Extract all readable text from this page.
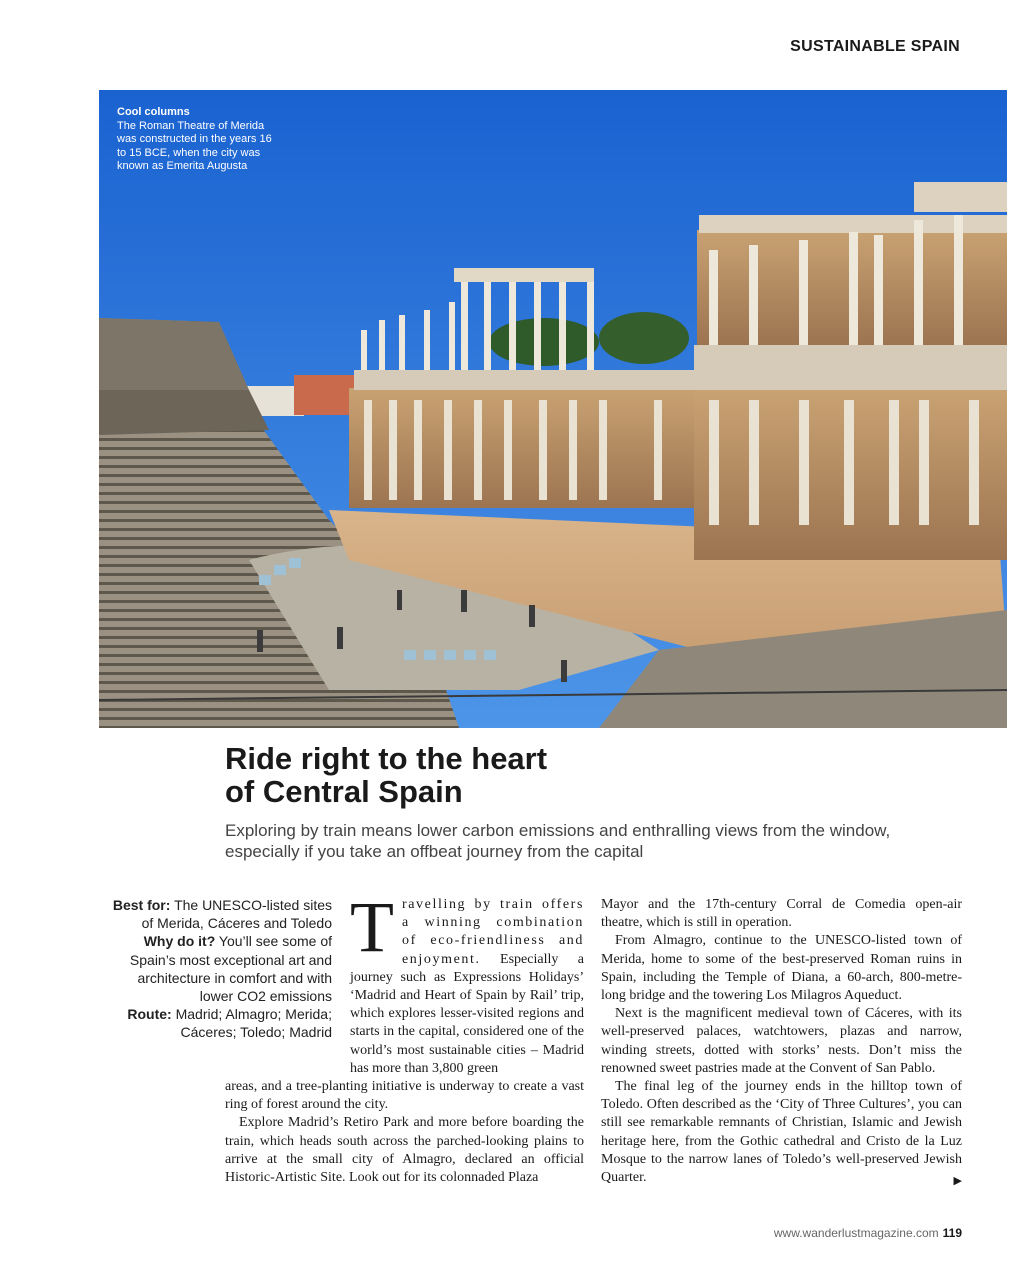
SUSTAINABLE SPAIN
Cool columns
The Roman Theatre of Merida was constructed in the years 16 to 15 BCE, when the city was known as Emerita Augusta
Ride right to the heart
of Central Spain

Exploring by train means lower carbon emissions and enthralling views from the window, especially if you take an offbeat journey from the capital

Best for: The UNESCO-listed sites of Merida, Cáceres and Toledo
Why do it? You’ll see some of Spain’s most exceptional art and architecture in comfort and with lower CO2 emissions
Route: Madrid; Almagro; Merida; Cáceres; Toledo; Madrid

Travelling by train offers a winning combination of eco-friendliness and enjoyment. Especially a journey such as Expressions Holidays’ ‘Madrid and Heart of Spain by Rail’ trip, which explores lesser-visited regions and starts in the capital, considered one of the world’s most sustainable cities – Madrid has more than 3,800 green

areas, and a tree-planting initiative is underway to create a vast ring of forest around the city.

Explore Madrid’s Retiro Park and more before boarding the train, which heads south across the parched-looking plains to arrive at the small city of Almagro, declared an official Historic-Artistic Site. Look out for its colonnaded Plaza

Mayor and the 17th-century Corral de Comedia open-air theatre, which is still in operation.

From Almagro, continue to the UNESCO-listed town of Merida, home to some of the best-preserved Roman ruins in Spain, including the Temple of Diana, a 60-arch, 800-metre-long bridge and the towering Los Milagros Aqueduct.

Next is the magnificent medieval town of Cáceres, with its well-preserved palaces, watchtowers, plazas and narrow, winding streets, dotted with storks’ nests. Don’t miss the renowned sweet pastries made at the Convent of San Pablo.

The final leg of the journey ends in the hilltop town of Toledo. Often described as the ‘City of Three Cultures’, you can still see remarkable remnants of Christian, Islamic and Jewish heritage here, from the Gothic cathedral and Cristo de la Luz Mosque to the narrow lanes of Toledo’s well-preserved Jewish Quarter.	▶

www.wanderlustmagazine.com 119
